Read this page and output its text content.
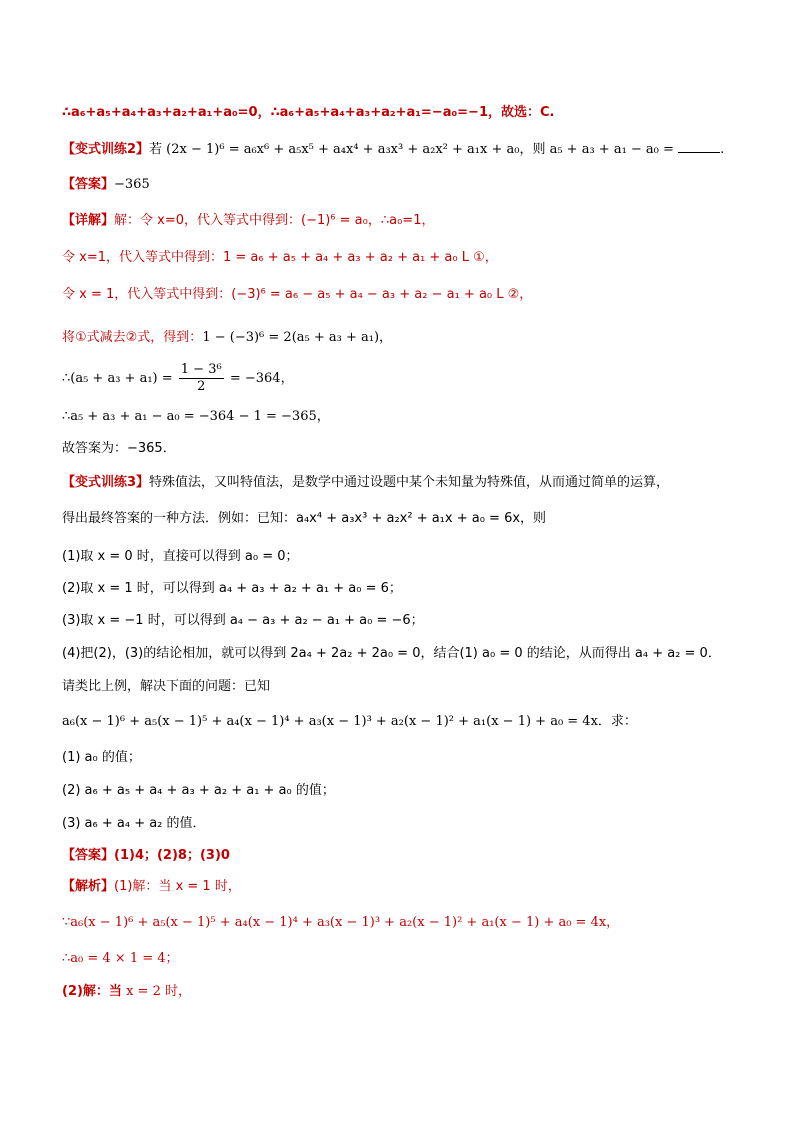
∴a₆+a₅+a₄+a₃+a₂+a₁+a₀=0，∴a₆+a₅+a₄+a₃+a₂+a₁=−a₀=−1，故选：C.
【变式训练2】若 (2x − 1)⁶ = a₆x⁶ + a₅x⁵ + a₄x⁴ + a₃x³ + a₂x² + a₁x + a₀，则 a₅ + a₃ + a₁ − a₀ =	.
【答案】−365
【详解】解：令 x=0，代入等式中得到：(−1)⁶ = a₀，∴a₀=1，
令 x=1，代入等式中得到：1 = a₆ + a₅ + a₄ + a₃ + a₂ + a₁ + a₀ L ①，
令 x = 1，代入等式中得到：(−3)⁶ = a₆ − a₅ + a₄ − a₃ + a₂ − a₁ + a₀ L ②，
将①式减去②式，得到：1 − (−3)⁶ = 2(a₅ + a₃ + a₁)，
∴(a₅ + $a_3 + a_1) = \frac{\text{1 − 3⁶}}{2} = -364$，
∴a₅ + a₃ + a₁ − a₀ = −364 − 1 = −365，
故答案为：−365．
【变式训练3】特殊值法，又叫特值法，是数学中通过设题中某个未知量为特殊值，从而通过简单的运算，
得出最终答案的一种方法．例如：已知：a₄x⁴ + a₃x³ + a₂x² + a₁x + a₀ = 6x，则
(1)取 x = 0 时，直接可以得到 a₀ = 0；
(2)取 x = 1 时，可以得到 a₄ + a₃ + a₂ + a₁ + a₀ = 6；
(3)取 x = −1 时，可以得到 a₄ − a₃ + a₂ − a₁ + a₀ = −6；
(4)把(2)，(3)的结论相加，就可以得到 2a₄ + 2a₂ + 2a₀ = 0，结合(1) a₀ = 0 的结论，从而得出 a₄ + a₂ = 0．
请类比上例，解决下面的问题：已知
a₆(x − 1)⁶ + a₅(x − 1)⁵ + a₄(x − 1)⁴ + a₃(x − 1)³ + a₂(x − 1)² + a₁(x − 1) + a₀ = 4x．求：
(1) a₀ 的值；
(2) a₆ + a₅ + a₄ + a₃ + a₂ + a₁ + a₀ 的值；
(3) a₆ + a₄ + a₂ 的值．
【答案】(1)4；(2)8；(3)0
【解析】(1)解：当 x = 1 时，
∵a₆(x − 1)⁶ + a₅(x − 1)⁵ + a₄(x − 1)⁴ + a₃(x − 1)³ + a₂(x − 1)² + a₁(x − 1) + a₀ = 4x，
∴a₀ = 4 × 1 = 4；
(2)解：当 x = 2 时，
